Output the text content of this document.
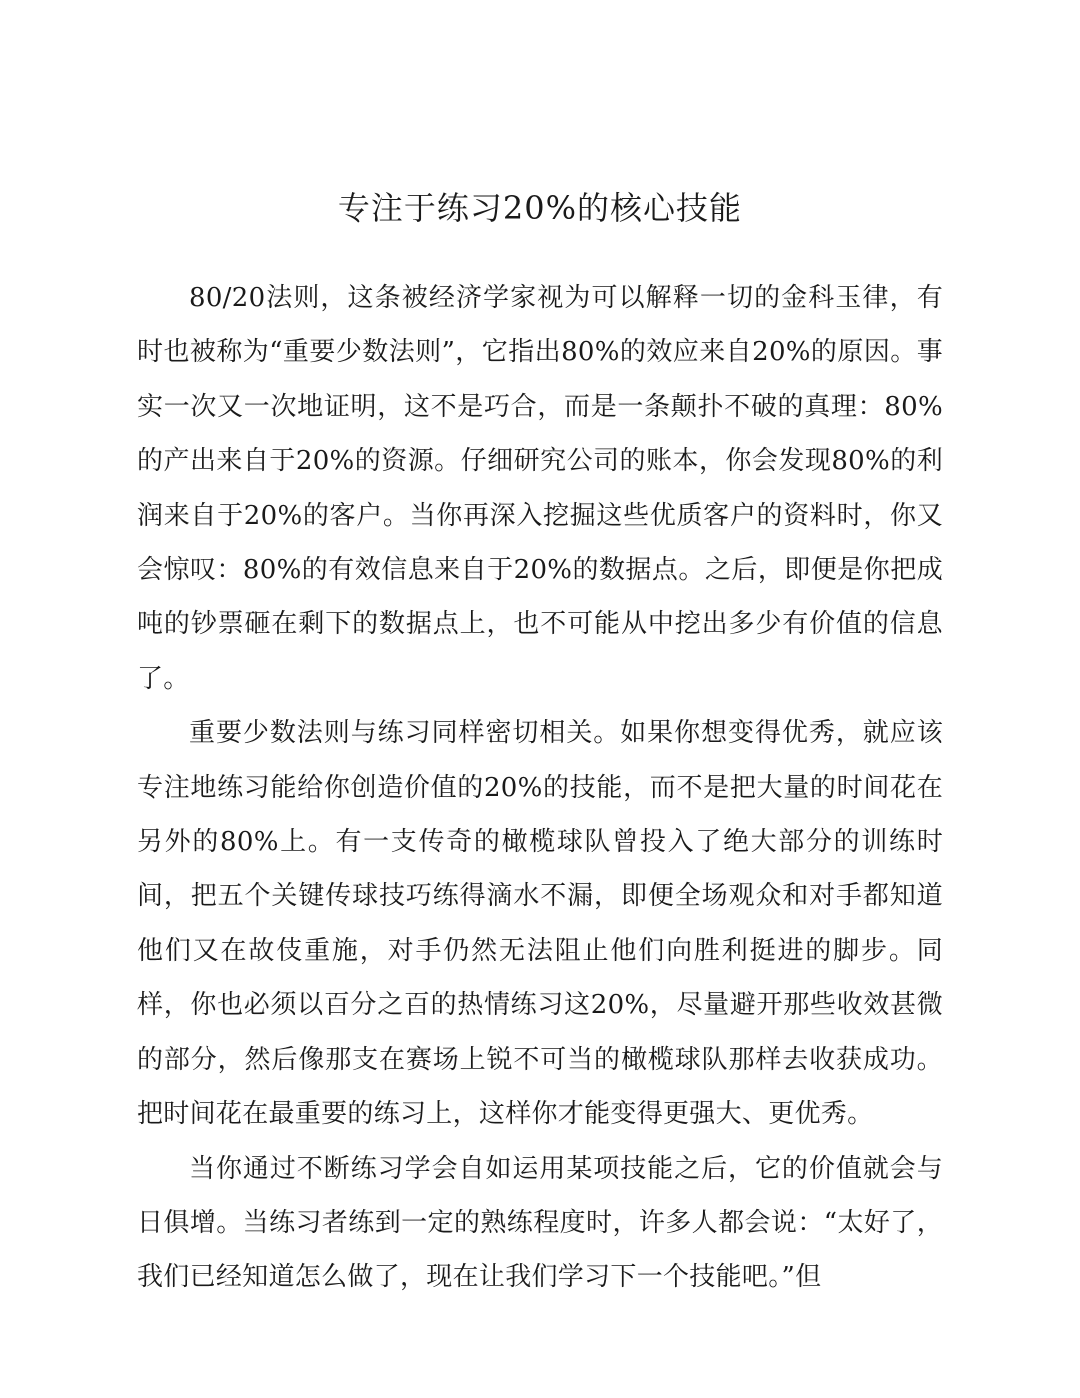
专注于练习20%的核心技能

80/20法则，这条被经济学家视为可以解释一切的金科玉律，有时也被称为“重要少数法则”，它指出80%的效应来自20%的原因。事实一次又一次地证明，这不是巧合，而是一条颠扑不破的真理：80%的产出来自于20%的资源。仔细研究公司的账本，你会发现80%的利润来自于20%的客户。当你再深入挖掘这些优质客户的资料时，你又会惊叹：80%的有效信息来自于20%的数据点。之后，即便是你把成吨的钞票砸在剩下的数据点上，也不可能从中挖出多少有价值的信息了。

重要少数法则与练习同样密切相关。如果你想变得优秀，就应该专注地练习能给你创造价值的20%的技能，而不是把大量的时间花在另外的80%上。有一支传奇的橄榄球队曾投入了绝大部分的训练时间，把五个关键传球技巧练得滴水不漏，即便全场观众和对手都知道他们又在故伎重施，对手仍然无法阻止他们向胜利挺进的脚步。同样，你也必须以百分之百的热情练习这20%，尽量避开那些收效甚微的部分，然后像那支在赛场上锐不可当的橄榄球队那样去收获成功。把时间花在最重要的练习上，这样你才能变得更强大、更优秀。

当你通过不断练习学会自如运用某项技能之后，它的价值就会与日俱增。当练习者练到一定的熟练程度时，许多人都会说：“太好了，我们已经知道怎么做了，现在让我们学习下一个技能吧。”但
